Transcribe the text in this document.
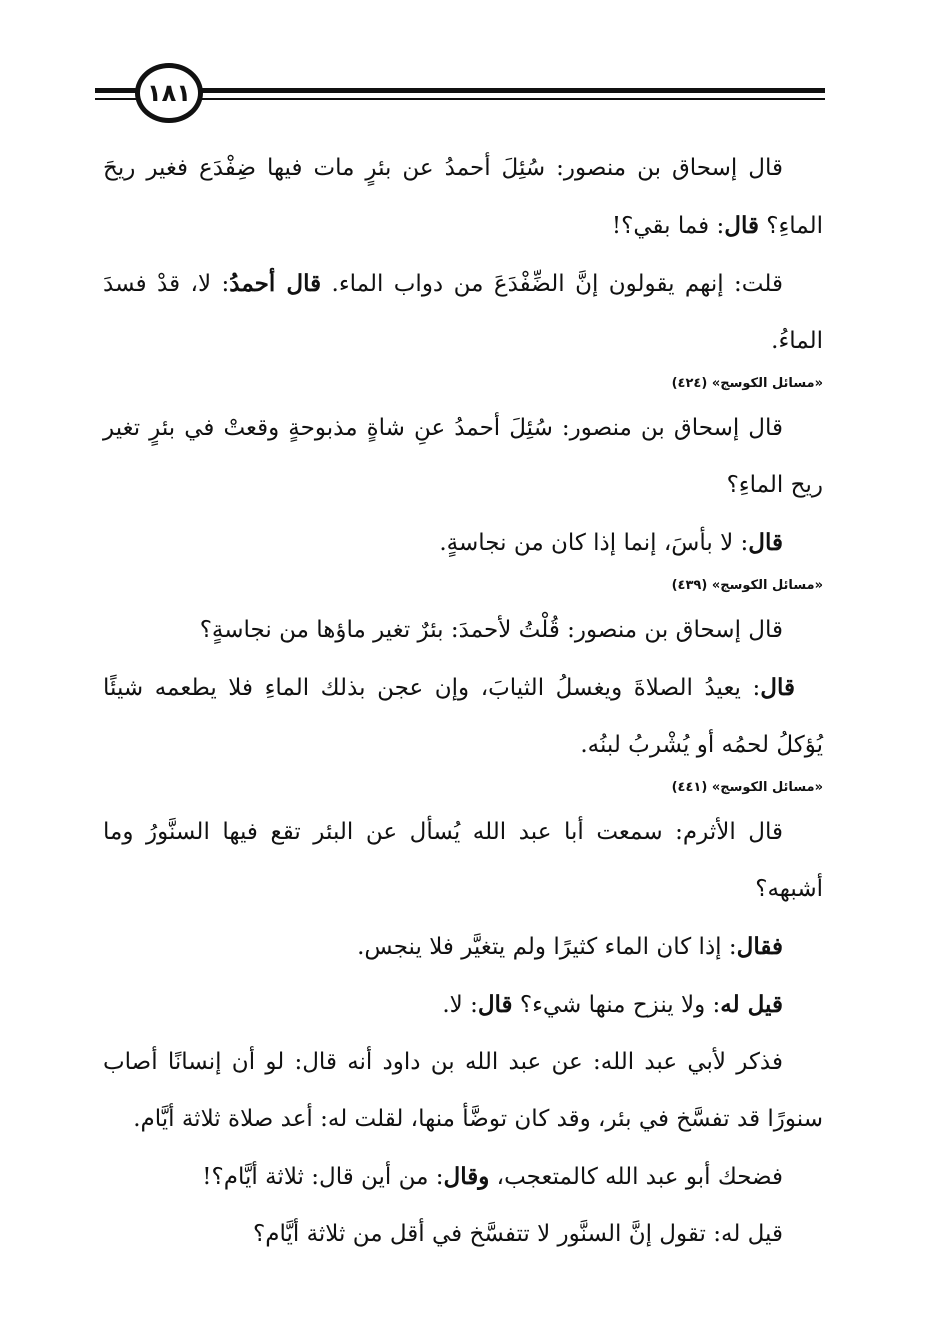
١٨١

قال إسحاق بن منصور: سُئِلَ أحمدُ عن بئرٍ مات فيها ضِفْدَع فغير ريحَ الماءِ؟ قال: فما بقي؟!

قلت: إنهم يقولون إنَّ الضِّفْدَعَ من دواب الماء. قال أحمدُ: لا، قدْ فسدَ الماءُ.

«مسائل الكوسج» (٤٢٤)

قال إسحاق بن منصور: سُئِلَ أحمدُ عنِ شاةٍ مذبوحةٍ وقعتْ في بئرٍ تغير ريح الماءِ؟

قال: لا بأسَ، إنما إذا كان من نجاسةٍ.

«مسائل الكوسج» (٤٣٩)

قال إسحاق بن منصور: قُلْتُ لأحمدَ: بئرٌ تغير ماؤها من نجاسةٍ؟

قال: يعيدُ الصلاةَ ويغسلُ الثيابَ، وإن عجن بذلك الماءِ فلا يطعمه شيئًا يُؤكلُ لحمُه أو يُشْربُ لبنُه.

«مسائل الكوسج» (٤٤١)

قال الأثرم: سمعت أبا عبد الله يُسأل عن البئر تقع فيها السنَّورُ وما أشبهه؟

فقال: إذا كان الماء كثيرًا ولم يتغيَّر فلا ينجس.

قيل له: ولا ينزح منها شيء؟ قال: لا.

فذكر لأبي عبد الله: عن عبد الله بن داود أنه قال: لو أن إنسانًا أصاب سنورًا قد تفسَّخ في بئر، وقد كان توضَّأ منها، لقلت له: أعد صلاة ثلاثة أيَّام.

فضحك أبو عبد الله كالمتعجب، وقال: من أين قال: ثلاثة أيَّام؟!

قيل له: تقول إنَّ السنَّور لا تتفسَّخ في أقل من ثلاثة أيَّام؟
